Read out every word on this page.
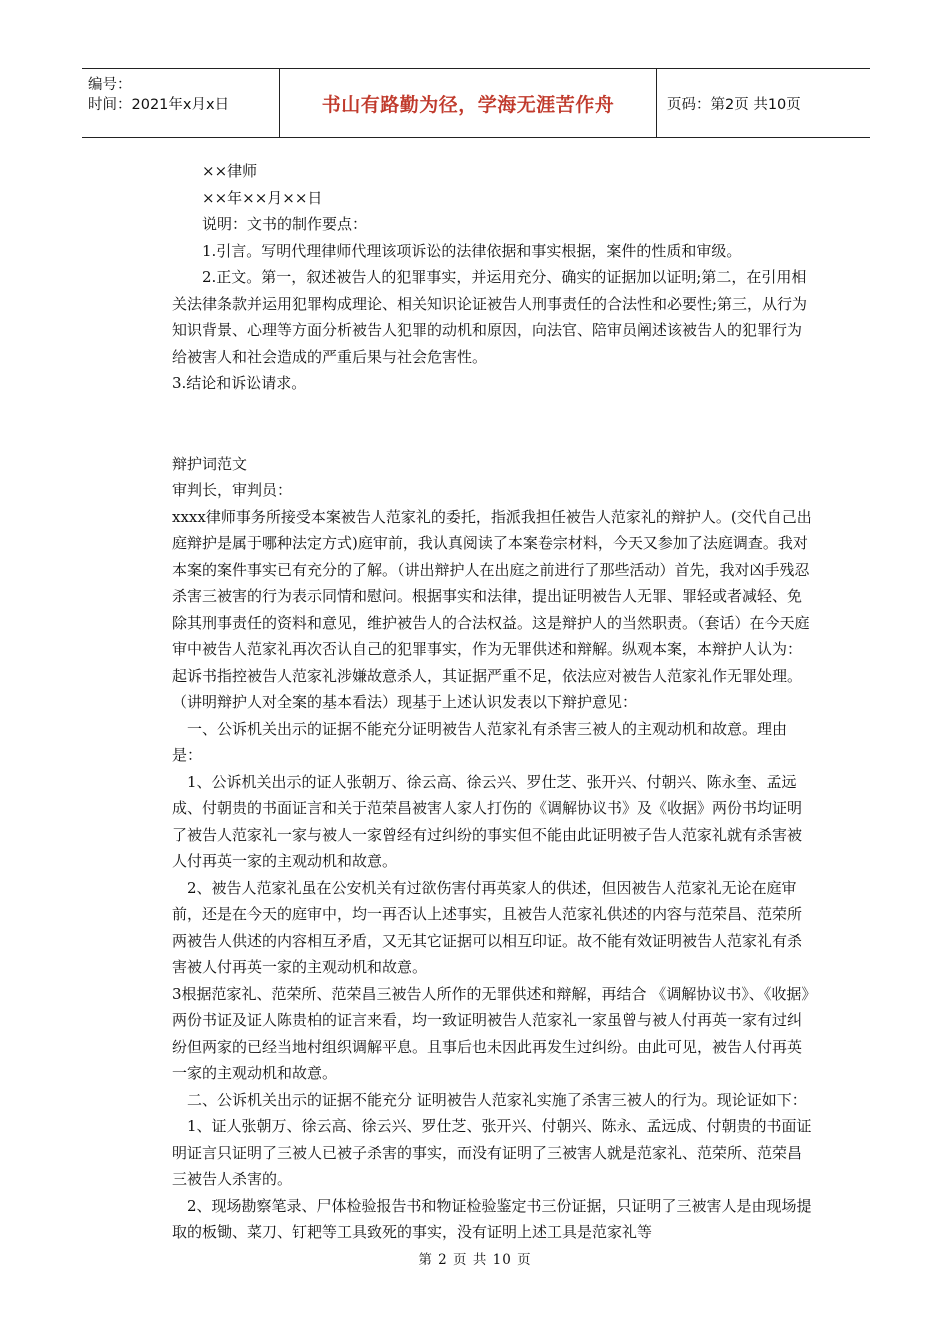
编号：
时间：2021年x月x日	书山有路勤为径，学海无涯苦作舟	页码：第2页 共10页

　　××律师

　　××年××月××日

　　说明：文书的制作要点：

　　1.引言。写明代理律师代理该项诉讼的法律依据和事实根据，案件的性质和审级。

　　2.正文。第一，叙述被告人的犯罪事实，并运用充分、确实的证据加以证明;第二，在引用相关法律条款并运用犯罪构成理论、相关知识论证被告人刑事责任的合法性和必要性;第三，从行为知识背景、心理等方面分析被告人犯罪的动机和原因，向法官、陪审员阐述该被告人的犯罪行为给被害人和社会造成的严重后果与社会危害性。

3.结论和诉讼请求。

辩护词范文

审判长，审判员：

xxxx律师事务所接受本案被告人范家礼的委托，指派我担任被告人范家礼的辩护人。(交代自己出庭辩护是属于哪种法定方式)庭审前，我认真阅读了本案卷宗材料，今天又参加了法庭调查。我对本案的案件事实已有充分的了解。（讲出辩护人在出庭之前进行了那些活动）首先，我对凶手残忍杀害三被害的行为表示同情和慰问。根据事实和法律，提出证明被告人无罪、罪轻或者减轻、免除其刑事责任的资料和意见，维护被告人的合法权益。这是辩护人的当然职责。（套话）在今天庭审中被告人范家礼再次否认自己的犯罪事实，作为无罪供述和辩解。纵观本案，本辩护人认为：起诉书指控被告人范家礼涉嫌故意杀人，其证据严重不足，依法应对被告人范家礼作无罪处理。（讲明辩护人对全案的基本看法）现基于上述认识发表以下辩护意见：

　一、公诉机关出示的证据不能充分证明被告人范家礼有杀害三被人的主观动机和故意。理由是：

　1、公诉机关出示的证人张朝万、徐云高、徐云兴、罗仕芝、张开兴、付朝兴、陈永奎、孟远成、付朝贵的书面证言和关于范荣昌被害人家人打伤的《调解协议书》及《收据》两份书均证明了被告人范家礼一家与被人一家曾经有过纠纷的事实但不能由此证明被子告人范家礼就有杀害被人付再英一家的主观动机和故意。

　2、被告人范家礼虽在公安机关有过欲伤害付再英家人的供述，但因被告人范家礼无论在庭审前，还是在今天的庭审中，均一再否认上述事实，且被告人范家礼供述的内容与范荣昌、范荣所两被告人供述的内容相互矛盾，又无其它证据可以相互印证。故不能有效证明被告人范家礼有杀害被人付再英一家的主观动机和故意。

3根据范家礼、范荣所、范荣昌三被告人所作的无罪供述和辩解，再结合 《调解协议书》、《收据》两份书证及证人陈贵柏的证言来看，均一致证明被告人范家礼一家虽曾与被人付再英一家有过纠纷但两家的已经当地村组织调解平息。且事后也未因此再发生过纠纷。由此可见，被告人付再英一家的主观动机和故意。

　二、公诉机关出示的证据不能充分 证明被告人范家礼实施了杀害三被人的行为。现论证如下：

　1、证人张朝万、徐云高、徐云兴、罗仕芝、张开兴、付朝兴、陈永、孟远成、付朝贵的书面证明证言只证明了三被人已被子杀害的事实，而没有证明了三被害人就是范家礼、范荣所、范荣昌三被告人杀害的。

　2、现场勘察笔录、尸体检验报告书和物证检验鉴定书三份证据，只证明了三被害人是由现场提取的板锄、菜刀、钉耙等工具致死的事实，没有证明上述工具是范家礼等

第 2 页 共 10 页
